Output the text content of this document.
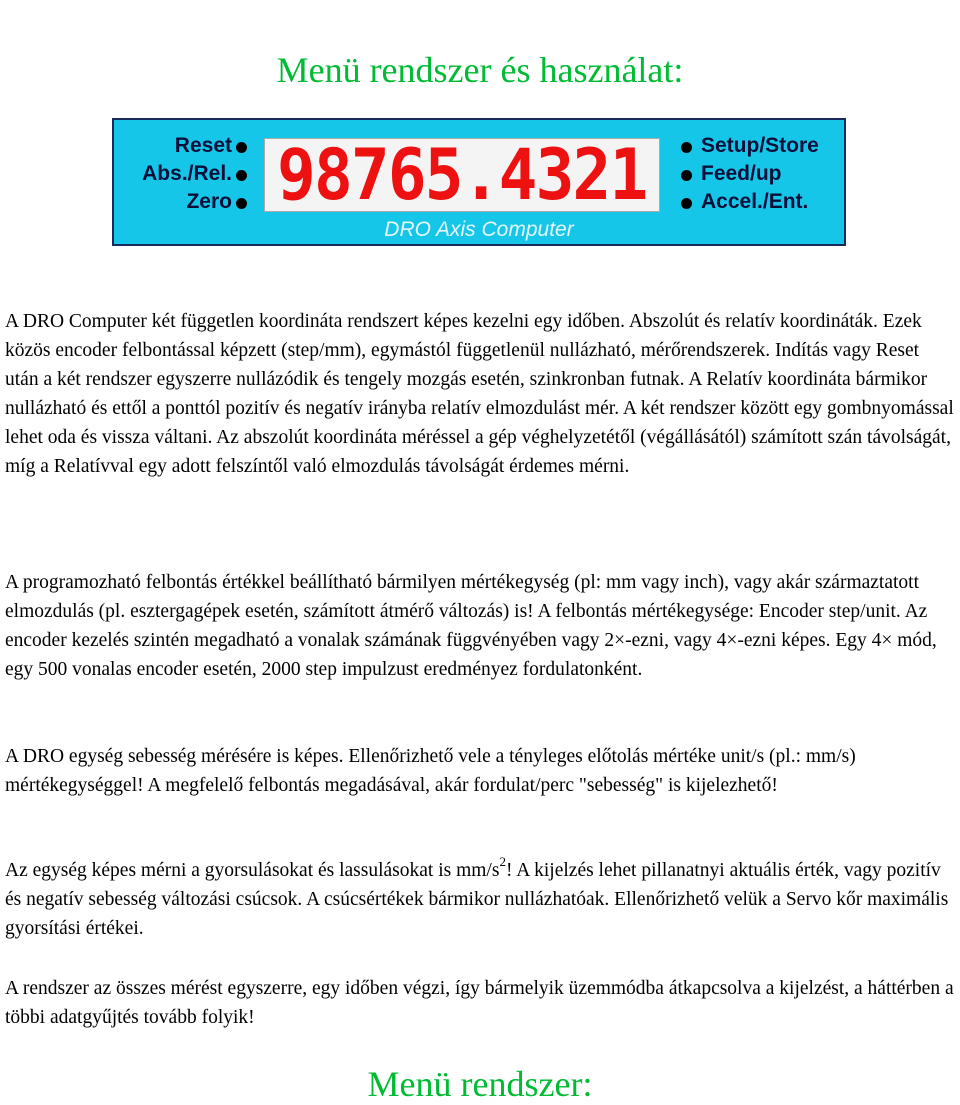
Menü rendszer és használat:
Reset
Abs./Rel.
Zero 98765.4321	Setup/Store
Feed/up
Accel./Ent.
DRO Axis Computer

A DRO Computer két független koordináta rendszert képes kezelni egy időben. Abszolút és relatív koordináták. Ezek közös encoder felbontással képzett (step/mm), egymástól függetlenül nullázható, mérőrendszerek. Indítás vagy Reset után a két rendszer egyszerre nullázódik és tengely mozgás esetén, szinkronban futnak. A Relatív koordináta bármikor nullázható és ettől a ponttól pozitív és negatív irányba relatív elmozdulást mér. A két rendszer között egy gombnyomással lehet oda és vissza váltani. Az abszolút koordináta méréssel a gép véghelyzetétől (végállásától) számított szán távolságát, míg a Relatívval egy adott felszíntől való elmozdulás távolságát érdemes mérni.

A programozható felbontás értékkel beállítható bármilyen mértékegység (pl: mm vagy inch), vagy akár származtatott elmozdulás (pl. esztergagépek esetén, számított átmérő változás) is! A felbontás mértékegysége: Encoder step/unit. Az encoder kezelés szintén megadható a vonalak számának függvényében vagy 2×-ezni, vagy 4×-ezni képes. Egy 4× mód, egy 500 vonalas encoder esetén, 2000 step impulzust eredményez fordulatonként.

A DRO egység sebesség mérésére is képes. Ellenőrizhető vele a tényleges előtolás mértéke unit/s (pl.: mm/s) mértékegységgel! A megfelelő felbontás megadásával, akár fordulat/perc "sebesség" is kijelezhető!

Az egység képes mérni a gyorsulásokat és lassulásokat is $mm/s^2$! A kijelzés lehet pillanatnyi aktuális érték, vagy pozitív és negatív sebesség változási csúcsok. A csúcsértékek bármikor nullázhatóak. Ellenőrizhető velük a Servo kőr maximális gyorsítási értékei.

A rendszer az összes mérést egyszerre, egy időben végzi, így bármelyik üzemmódba átkapcsolva a kijelzést, a háttérben a többi adatgyűjtés tovább folyik!

Menü rendszer:
